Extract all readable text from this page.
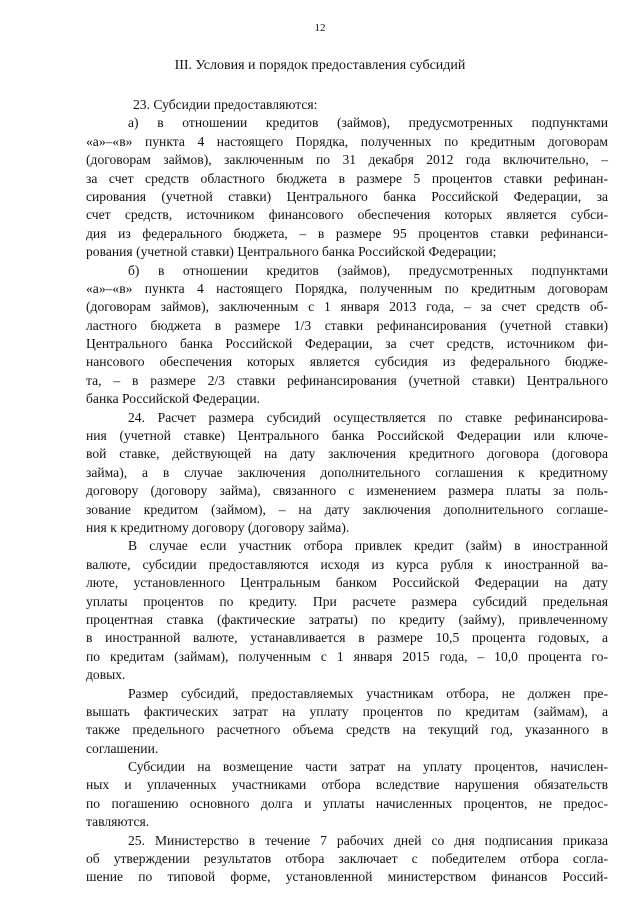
12
III. Условия и порядок предоставления субсидий
23. Субсидии предоставляются:
а) в отношении кредитов (займов), предусмотренных подпунктами
«а»–«в» пункта 4 настоящего Порядка, полученных по кредитным договорам
(договорам займов), заключенным по 31 декабря 2012 года включительно, –
за счет средств областного бюджета в размере 5 процентов ставки рефинан-
сирования (учетной ставки) Центрального банка Российской Федерации, за
счет средств, источником финансового обеспечения которых является субси-
дия из федерального бюджета, – в размере 95 процентов ставки рефинанси-
рования (учетной ставки) Центрального банка Российской Федерации;
б) в отношении кредитов (займов), предусмотренных подпунктами
«а»–«в» пункта 4 настоящего Порядка, полученным по кредитным договорам
(договорам займов), заключенным с 1 января 2013 года, – за счет средств об-
ластного бюджета в размере 1/3 ставки рефинансирования (учетной ставки)
Центрального банка Российской Федерации, за счет средств, источником фи-
нансового обеспечения которых является субсидия из федерального бюдже-
та, – в размере 2/3 ставки рефинансирования (учетной ставки) Центрального
банка Российской Федерации.
24. Расчет размера субсидий осуществляется по ставке рефинансирова-
ния (учетной ставке) Центрального банка Российской Федерации или ключе-
вой ставке, действующей на дату заключения кредитного договора (договора
займа), а в случае заключения дополнительного соглашения к кредитному
договору (договору займа), связанного с изменением размера платы за поль-
зование кредитом (займом), – на дату заключения дополнительного соглаше-
ния к кредитному договору (договору займа).
В случае если участник отбора привлек кредит (займ) в иностранной
валюте, субсидии предоставляются исходя из курса рубля к иностранной ва-
люте, установленного Центральным банком Российской Федерации на дату
уплаты процентов по кредиту. При расчете размера субсидий предельная
процентная ставка (фактические затраты) по кредиту (займу), привлеченному
в иностранной валюте, устанавливается в размере 10,5 процента годовых, а
по кредитам (займам), полученным с 1 января 2015 года, – 10,0 процента го-
довых.
Размер субсидий, предоставляемых участникам отбора, не должен пре-
вышать фактических затрат на уплату процентов по кредитам (займам), а
также предельного расчетного объема средств на текущий год, указанного в
соглашении.
Субсидии на возмещение части затрат на уплату процентов, начислен-
ных и уплаченных участниками отбора вследствие нарушения обязательств
по погашению основного долга и уплаты начисленных процентов, не предос-
тавляются.
25. Министерство в течение 7 рабочих дней со дня подписания приказа
об утверждении результатов отбора заключает с победителем отбора согла-
шение по типовой форме, установленной министерством финансов Россий-
